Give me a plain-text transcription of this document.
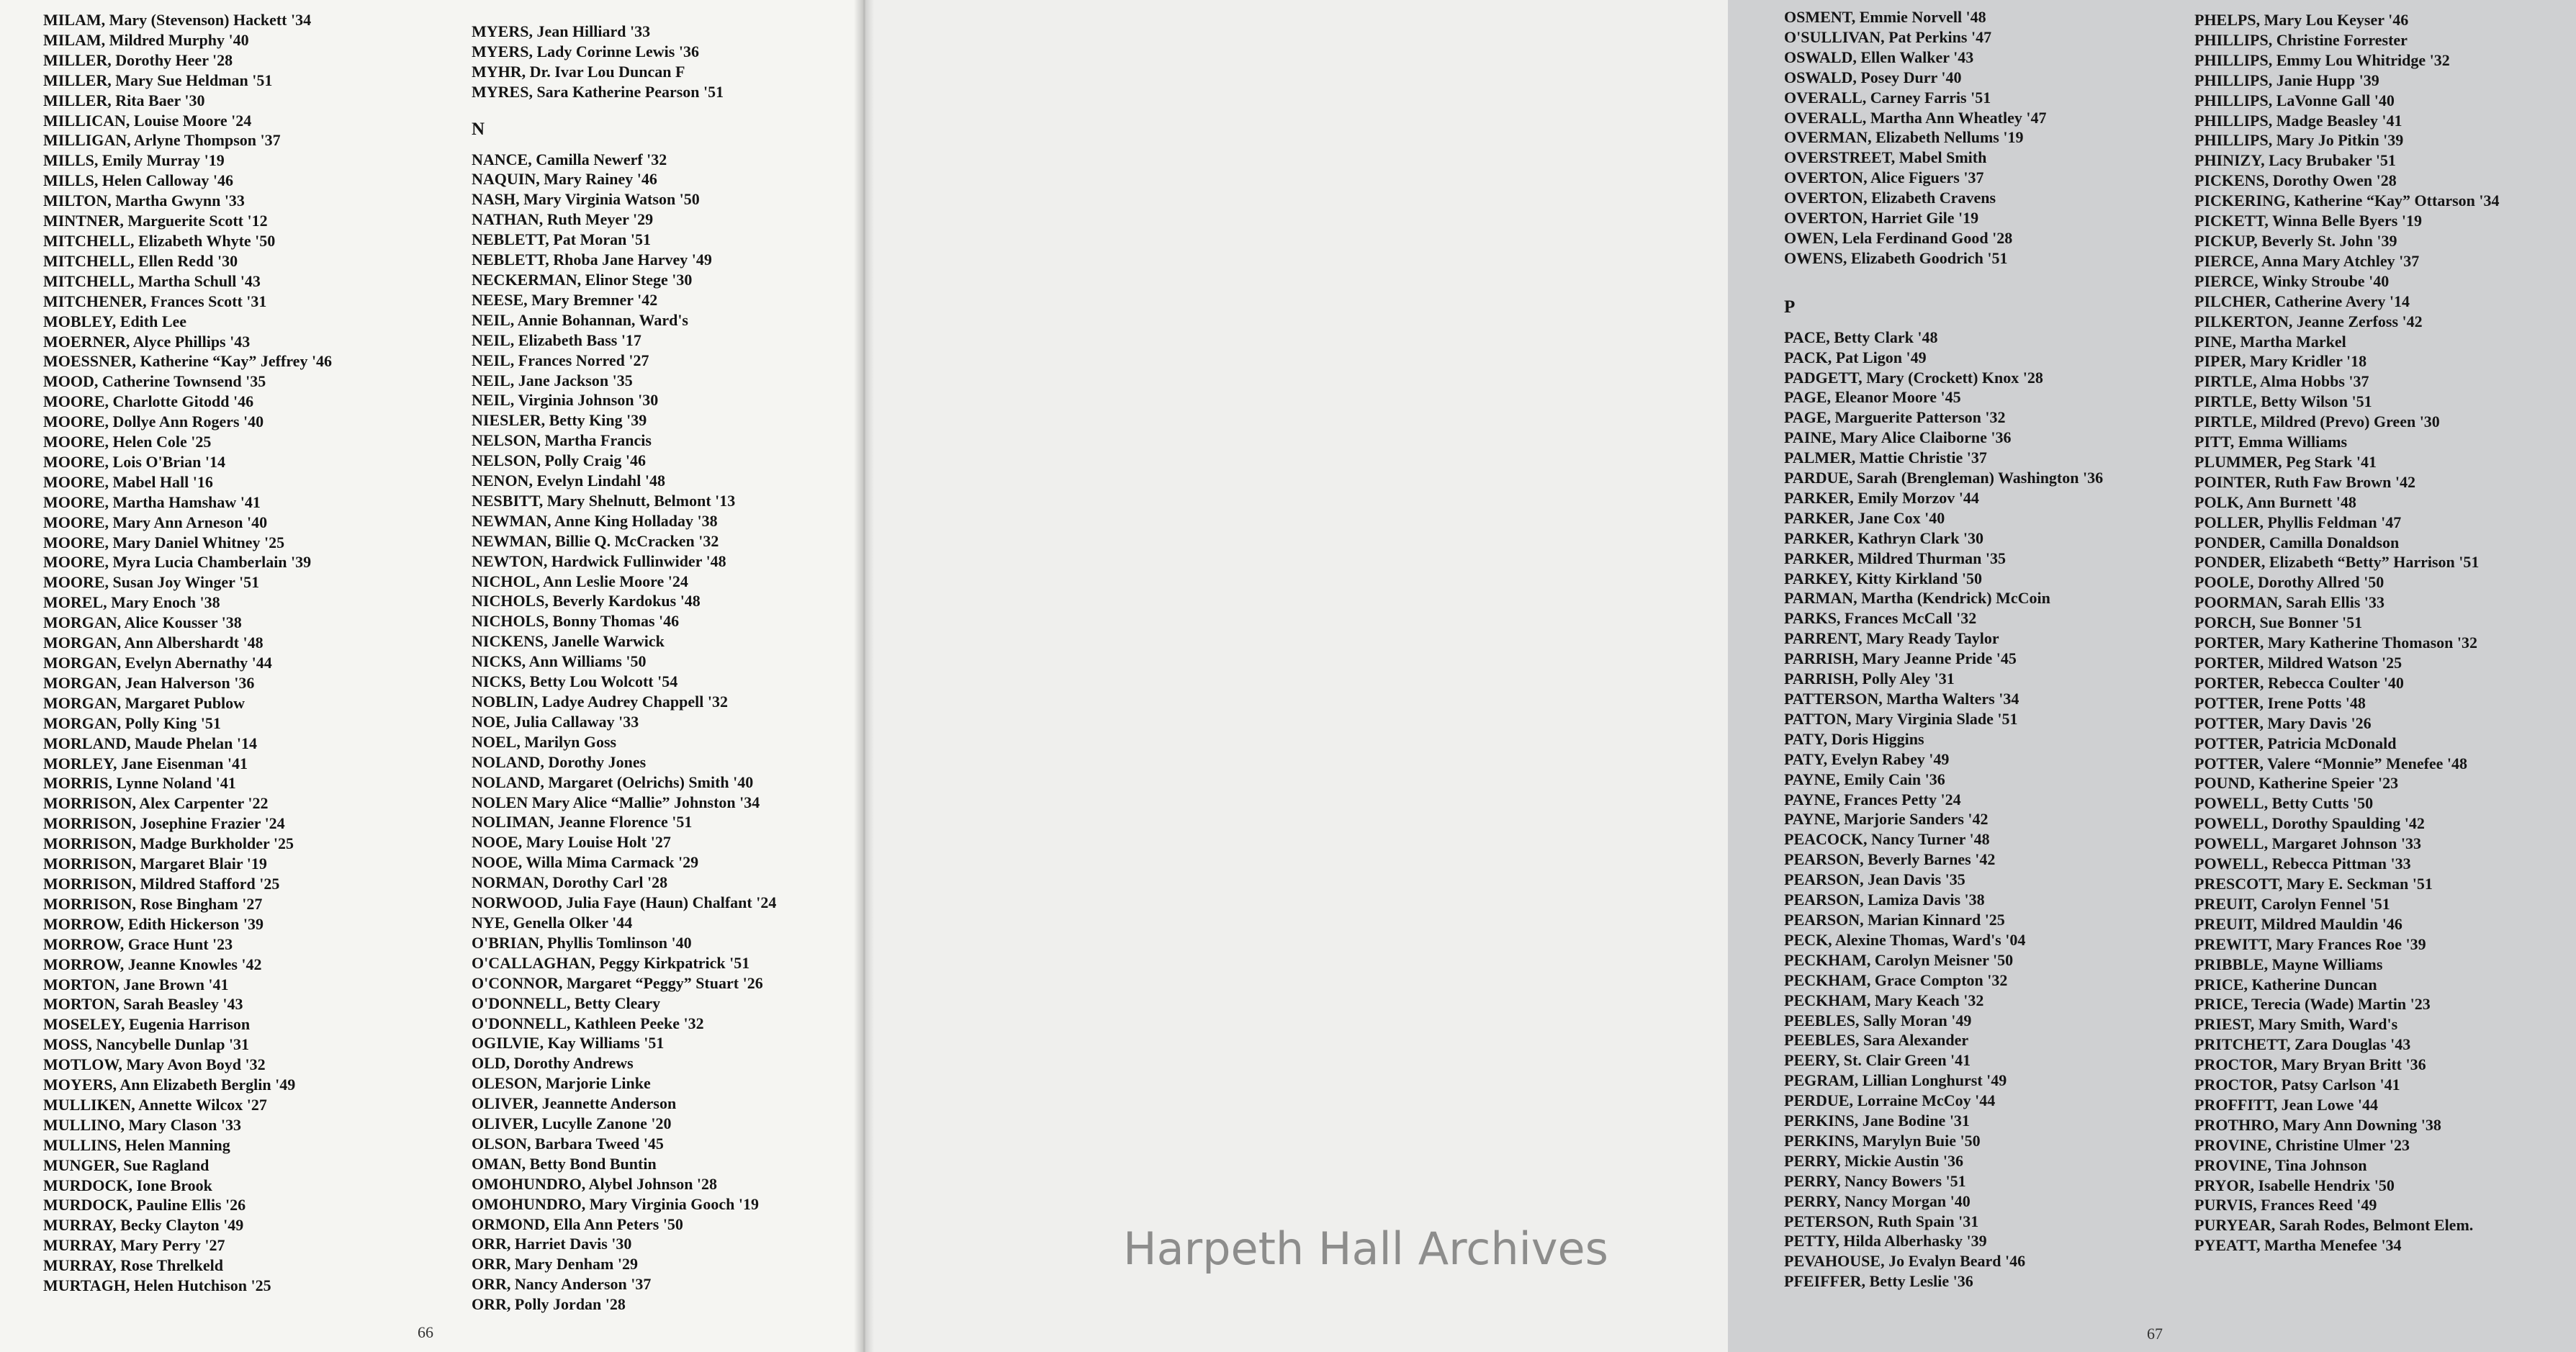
MILAM, Mary (Stevenson) Hackett '34
MILAM, Mildred Murphy '40
MILLER, Dorothy Heer '28
MILLER, Mary Sue Heldman '51
MILLER, Rita Baer '30
MILLICAN, Louise Moore '24
MILLIGAN, Arlyne Thompson '37
MILLS, Emily Murray '19
MILLS, Helen Calloway '46
MILTON, Martha Gwynn '33
MINTNER, Marguerite Scott '12
MITCHELL, Elizabeth Whyte '50
MITCHELL, Ellen Redd '30
MITCHELL, Martha Schull '43
MITCHENER, Frances Scott '31
MOBLEY, Edith Lee
MOERNER, Alyce Phillips '43
MOESSNER, Katherine “Kay” Jeffrey '46
MOOD, Catherine Townsend '35
MOORE, Charlotte Gitodd '46
MOORE, Dollye Ann Rogers '40
MOORE, Helen Cole '25
MOORE, Lois O'Brian '14
MOORE, Mabel Hall '16
MOORE, Martha Hamshaw '41
MOORE, Mary Ann Arneson '40
MOORE, Mary Daniel Whitney '25
MOORE, Myra Lucia Chamberlain '39
MOORE, Susan Joy Winger '51
MOREL, Mary Enoch '38
MORGAN, Alice Kousser '38
MORGAN, Ann Albershardt '48
MORGAN, Evelyn Abernathy '44
MORGAN, Jean Halverson '36
MORGAN, Margaret Publow
MORGAN, Polly King '51
MORLAND, Maude Phelan '14
MORLEY, Jane Eisenman '41
MORRIS, Lynne Noland '41
MORRISON, Alex Carpenter '22
MORRISON, Josephine Frazier '24
MORRISON, Madge Burkholder '25
MORRISON, Margaret Blair '19
MORRISON, Mildred Stafford '25
MORRISON, Rose Bingham '27
MORROW, Edith Hickerson '39
MORROW, Grace Hunt '23
MORROW, Jeanne Knowles '42
MORTON, Jane Brown '41
MORTON, Sarah Beasley '43
MOSELEY, Eugenia Harrison
MOSS, Nancybelle Dunlap '31
MOTLOW, Mary Avon Boyd '32
MOYERS, Ann Elizabeth Berglin '49
MULLIKEN, Annette Wilcox '27
MULLINO, Mary Clason '33
MULLINS, Helen Manning
MUNGER, Sue Ragland
MURDOCK, Ione Brook
MURDOCK, Pauline Ellis '26
MURRAY, Becky Clayton '49
MURRAY, Mary Perry '27
MURRAY, Rose Threlkeld
MURTAGH, Helen Hutchison '25
MYERS, Jean Hilliard '33
MYERS, Lady Corinne Lewis '36
MYHR, Dr. Ivar Lou Duncan F
MYRES, Sara Katherine Pearson '51
N
NANCE, Camilla Newerf '32
NAQUIN, Mary Rainey '46
NASH, Mary Virginia Watson '50
NATHAN, Ruth Meyer '29
NEBLETT, Pat Moran '51
NEBLETT, Rhoba Jane Harvey '49
NECKERMAN, Elinor Stege '30
NEESE, Mary Bremner '42
NEIL, Annie Bohannan, Ward's
NEIL, Elizabeth Bass '17
NEIL, Frances Norred '27
NEIL, Jane Jackson '35
NEIL, Virginia Johnson '30
NIESLER, Betty King '39
NELSON, Martha Francis
NELSON, Polly Craig '46
NENON, Evelyn Lindahl '48
NESBITT, Mary Shelnutt, Belmont '13
NEWMAN, Anne King Holladay '38
NEWMAN, Billie Q. McCracken '32
NEWTON, Hardwick Fullinwider '48
NICHOL, Ann Leslie Moore '24
NICHOLS, Beverly Kardokus '48
NICHOLS, Bonny Thomas '46
NICKENS, Janelle Warwick
NICKS, Ann Williams '50
NICKS, Betty Lou Wolcott '54
NOBLIN, Ladye Audrey Chappell '32
NOE, Julia Callaway '33
NOEL, Marilyn Goss
NOLAND, Dorothy Jones
NOLAND, Margaret (Oelrichs) Smith '40
NOLEN Mary Alice “Mallie” Johnston '34
NOLIMAN, Jeanne Florence '51
NOOE, Mary Louise Holt '27
NOOE, Willa Mima Carmack '29
NORMAN, Dorothy Carl '28
NORWOOD, Julia Faye (Haun) Chalfant '24
NYE, Genella Olker '44
O'BRIAN, Phyllis Tomlinson '40
O'CALLAGHAN, Peggy Kirkpatrick '51
O'CONNOR, Margaret “Peggy” Stuart '26
O'DONNELL, Betty Cleary
O'DONNELL, Kathleen Peeke '32
OGILVIE, Kay Williams '51
OLD, Dorothy Andrews
OLESON, Marjorie Linke
OLIVER, Jeannette Anderson
OLIVER, Lucylle Zanone '20
OLSON, Barbara Tweed '45
OMAN, Betty Bond Buntin
OMOHUNDRO, Alybel Johnson '28
OMOHUNDRO, Mary Virginia Gooch '19
ORMOND, Ella Ann Peters '50
ORR, Harriet Davis '30
ORR, Mary Denham '29
ORR, Nancy Anderson '37
ORR, Polly Jordan '28
66
OSMENT, Emmie Norvell '48
O'SULLIVAN, Pat Perkins '47
OSWALD, Ellen Walker '43
OSWALD, Posey Durr '40
OVERALL, Carney Farris '51
OVERALL, Martha Ann Wheatley '47
OVERMAN, Elizabeth Nellums '19
OVERSTREET, Mabel Smith
OVERTON, Alice Figuers '37
OVERTON, Elizabeth Cravens
OVERTON, Harriet Gile '19
OWEN, Lela Ferdinand Good '28
OWENS, Elizabeth Goodrich '51
P
PACE, Betty Clark '48
PACK, Pat Ligon '49
PADGETT, Mary (Crockett) Knox '28
PAGE, Eleanor Moore '45
PAGE, Marguerite Patterson '32
PAINE, Mary Alice Claiborne '36
PALMER, Mattie Christie '37
PARDUE, Sarah (Brengleman) Washington '36
PARKER, Emily Morzov '44
PARKER, Jane Cox '40
PARKER, Kathryn Clark '30
PARKER, Mildred Thurman '35
PARKEY, Kitty Kirkland '50
PARMAN, Martha (Kendrick) McCoin
PARKS, Frances McCall '32
PARRENT, Mary Ready Taylor
PARRISH, Mary Jeanne Pride '45
PARRISH, Polly Aley '31
PATTERSON, Martha Walters '34
PATTON, Mary Virginia Slade '51
PATY, Doris Higgins
PATY, Evelyn Rabey '49
PAYNE, Emily Cain '36
PAYNE, Frances Petty '24
PAYNE, Marjorie Sanders '42
PEACOCK, Nancy Turner '48
PEARSON, Beverly Barnes '42
PEARSON, Jean Davis '35
PEARSON, Lamiza Davis '38
PEARSON, Marian Kinnard '25
PECK, Alexine Thomas, Ward's '04
PECKHAM, Carolyn Meisner '50
PECKHAM, Grace Compton '32
PECKHAM, Mary Keach '32
PEEBLES, Sally Moran '49
PEEBLES, Sara Alexander
PEERY, St. Clair Green '41
PEGRAM, Lillian Longhurst '49
PERDUE, Lorraine McCoy '44
PERKINS, Jane Bodine '31
PERKINS, Marylyn Buie '50
PERRY, Mickie Austin '36
PERRY, Nancy Bowers '51
PERRY, Nancy Morgan '40
PETERSON, Ruth Spain '31
PETTY, Hilda Alberhasky '39
PEVAHOUSE, Jo Evalyn Beard '46
PFEIFFER, Betty Leslie '36
PHELPS, Mary Lou Keyser '46
PHILLIPS, Christine Forrester
PHILLIPS, Emmy Lou Whitridge '32
PHILLIPS, Janie Hupp '39
PHILLIPS, LaVonne Gall '40
PHILLIPS, Madge Beasley '41
PHILLIPS, Mary Jo Pitkin '39
PHINIZY, Lacy Brubaker '51
PICKENS, Dorothy Owen '28
PICKERING, Katherine “Kay” Ottarson '34
PICKETT, Winna Belle Byers '19
PICKUP, Beverly St. John '39
PIERCE, Anna Mary Atchley '37
PIERCE, Winky Stroube '40
PILCHER, Catherine Avery '14
PILKERTON, Jeanne Zerfoss '42
PINE, Martha Markel
PIPER, Mary Kridler '18
PIRTLE, Alma Hobbs '37
PIRTLE, Betty Wilson '51
PIRTLE, Mildred (Prevo) Green '30
PITT, Emma Williams
PLUMMER, Peg Stark '41
POINTER, Ruth Faw Brown '42
POLK, Ann Burnett '48
POLLER, Phyllis Feldman '47
PONDER, Camilla Donaldson
PONDER, Elizabeth “Betty” Harrison '51
POOLE, Dorothy Allred '50
POORMAN, Sarah Ellis '33
PORCH, Sue Bonner '51
PORTER, Mary Katherine Thomason '32
PORTER, Mildred Watson '25
PORTER, Rebecca Coulter '40
POTTER, Irene Potts '48
POTTER, Mary Davis '26
POTTER, Patricia McDonald
POTTER, Valere “Monnie” Menefee '48
POUND, Katherine Speier '23
POWELL, Betty Cutts '50
POWELL, Dorothy Spaulding '42
POWELL, Margaret Johnson '33
POWELL, Rebecca Pittman '33
PRESCOTT, Mary E. Seckman '51
PREUIT, Carolyn Fennel '51
PREUIT, Mildred Mauldin '46
PREWITT, Mary Frances Roe '39
PRIBBLE, Mayne Williams
PRICE, Katherine Duncan
PRICE, Terecia (Wade) Martin '23
PRIEST, Mary Smith, Ward's
PRITCHETT, Zara Douglas '43
PROCTOR, Mary Bryan Britt '36
PROCTOR, Patsy Carlson '41
PROFFITT, Jean Lowe '44
PROTHRO, Mary Ann Downing '38
PROVINE, Christine Ulmer '23
PROVINE, Tina Johnson
PRYOR, Isabelle Hendrix '50
PURVIS, Frances Reed '49
PURYEAR, Sarah Rodes, Belmont Elem.
PYEATT, Martha Menefee '34
67
Harpeth Hall Archives
